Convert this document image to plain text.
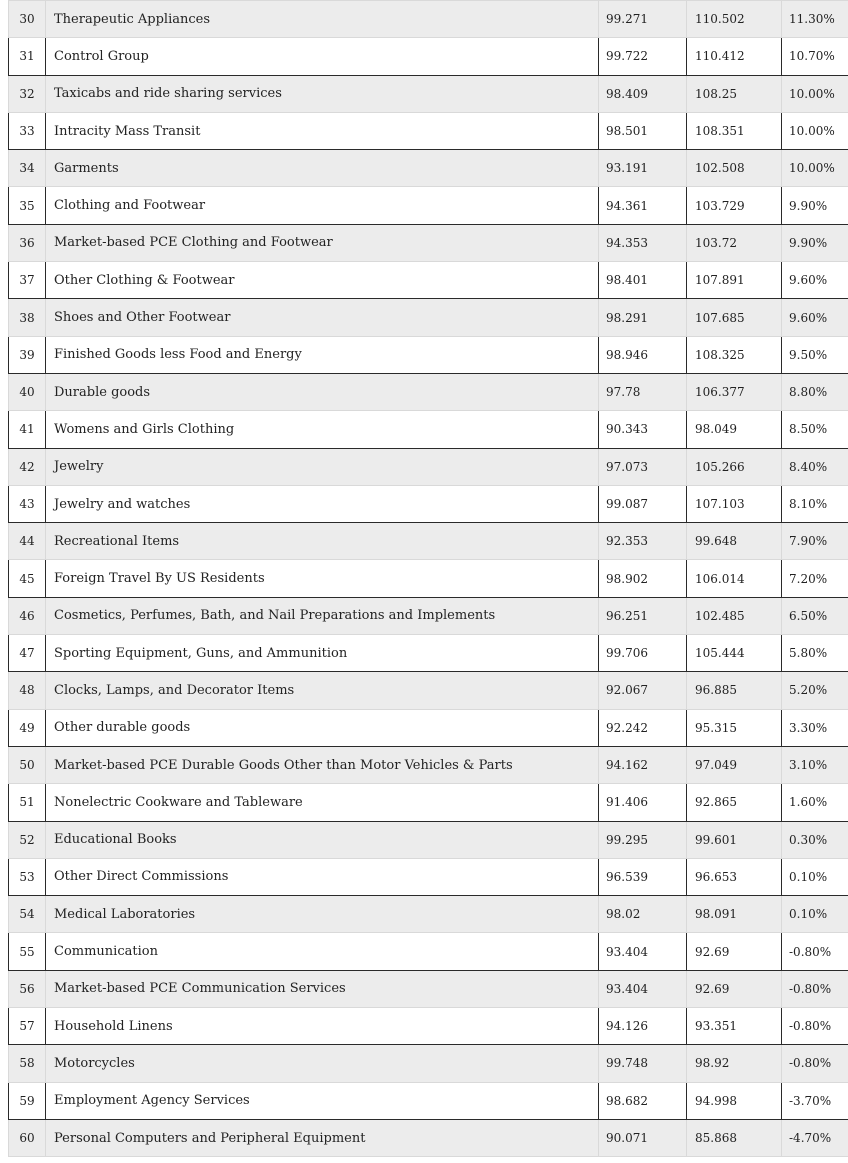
30	Therapeutic Appliances	99.271	110.502	11.30%
31	Control Group	99.722	110.412	10.70%
32	Taxicabs and ride sharing services	98.409	108.25	10.00%
33	Intracity Mass Transit	98.501	108.351	10.00%
34	Garments	93.191	102.508	10.00%
35	Clothing and Footwear	94.361	103.729	9.90%
36	Market-based PCE Clothing and Footwear	94.353	103.72	9.90%
37	Other Clothing & Footwear	98.401	107.891	9.60%
38	Shoes and Other Footwear	98.291	107.685	9.60%
39	Finished Goods less Food and Energy	98.946	108.325	9.50%
40	Durable goods	97.78	106.377	8.80%
41	Womens and Girls Clothing	90.343	98.049	8.50%
42	Jewelry	97.073	105.266	8.40%
43	Jewelry and watches	99.087	107.103	8.10%
44	Recreational Items	92.353	99.648	7.90%
45	Foreign Travel By US Residents	98.902	106.014	7.20%
46	Cosmetics, Perfumes, Bath, and Nail Preparations and Implements	96.251	102.485	6.50%
47	Sporting Equipment, Guns, and Ammunition	99.706	105.444	5.80%
48	Clocks, Lamps, and Decorator Items	92.067	96.885	5.20%
49	Other durable goods	92.242	95.315	3.30%
50	Market-based PCE Durable Goods Other than Motor Vehicles & Parts	94.162	97.049	3.10%
51	Nonelectric Cookware and Tableware	91.406	92.865	1.60%
52	Educational Books	99.295	99.601	0.30%
53	Other Direct Commissions	96.539	96.653	0.10%
54	Medical Laboratories	98.02	98.091	0.10%
55	Communication	93.404	92.69	-0.80%
56	Market-based PCE Communication Services	93.404	92.69	-0.80%
57	Household Linens	94.126	93.351	-0.80%
58	Motorcycles	99.748	98.92	-0.80%
59	Employment Agency Services	98.682	94.998	-3.70%
60	Personal Computers and Peripheral Equipment	90.071	85.868	-4.70%
